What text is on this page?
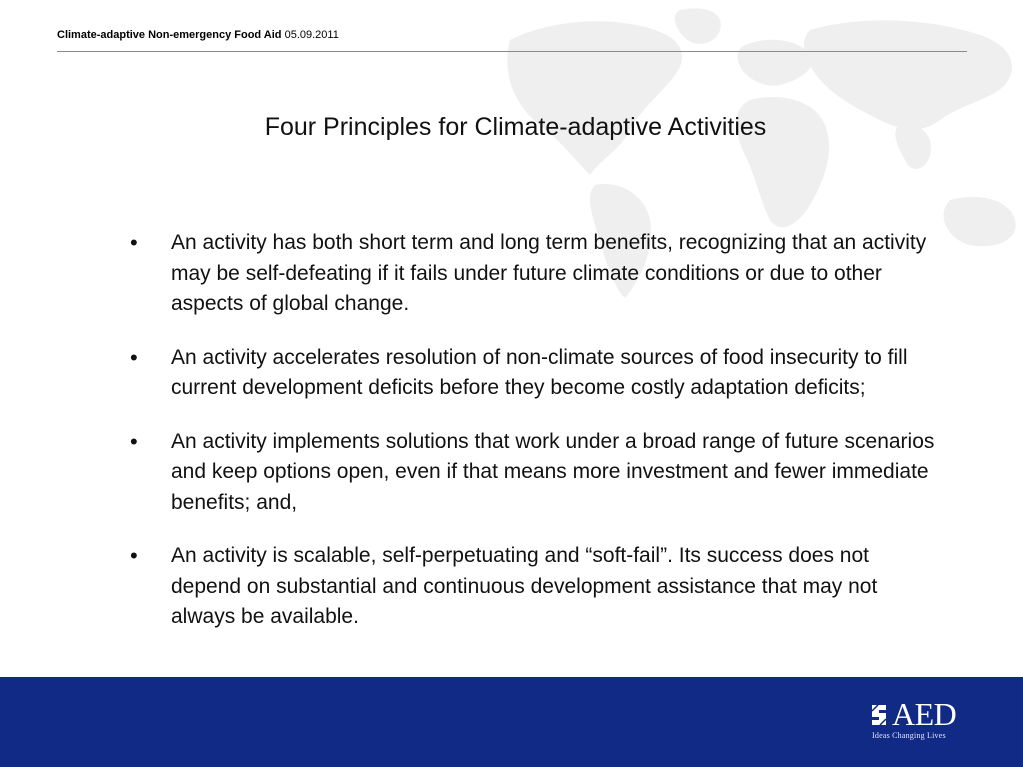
Climate-adaptive Non-emergency Food Aid 05.09.2011
Four Principles for Climate-adaptive Activities
• An activity has both short term and long term benefits, recognizing that an activity may be self-defeating if it fails under future climate conditions or due to other aspects of global change.
• An activity accelerates resolution of non-climate sources of food insecurity to fill current development deficits before they become costly adaptation deficits;
• An activity implements solutions that work under a broad range of future scenarios and keep options open, even if that means more investment and fewer immediate benefits; and,
• An activity is scalable, self-perpetuating and “soft-fail”. Its success does not depend on substantial and continuous development assistance that may not always be available.
AED
Ideas Changing Lives
